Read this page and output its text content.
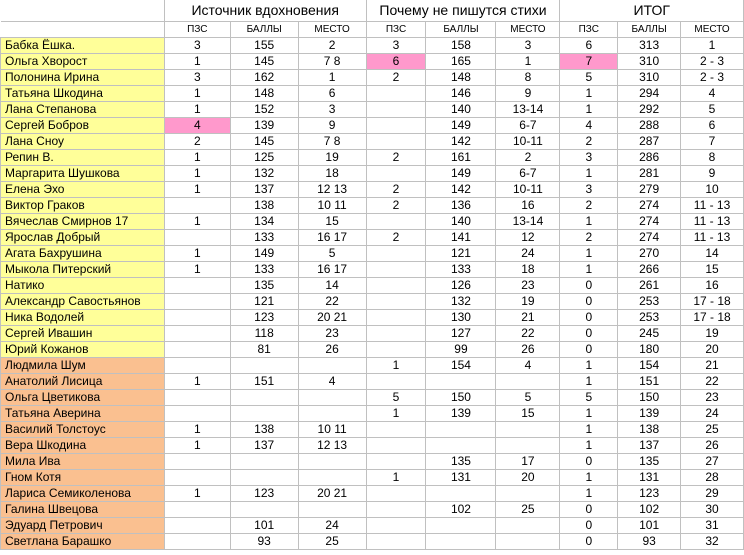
	Источник вдохновения			Почему не пишутся стихи			ИТОГ		
	ПЗС	БАЛЛЫ	МЕСТО	ПЗС	БАЛЛЫ	МЕСТО	ПЗС	БАЛЛЫ	МЕСТО
Бабка Ёшка.	3	155	2	3	158	3	6	313	1
Ольга Хворост	1	145	7 8	6	165	1	7	310	2 - 3
Полонина Ирина	3	162	1	2	148	8	5	310	2 - 3
Татьяна Шкодина	1	148	6		146	9	1	294	4
Лана Степанова	1	152	3		140	13-14	1	292	5
Сергей Бобров	4	139	9		149	6-7	4	288	6
Лана Сноу	2	145	7 8		142	10-11	2	287	7
Репин В.	1	125	19	2	161	2	3	286	8
Маргарита Шушкова	1	132	18		149	6-7	1	281	9
Елена Эхо	1	137	12 13	2	142	10-11	3	279	10
Виктор Граков		138	10 11	2	136	16	2	274	11 - 13
Вячеслав Смирнов 17	1	134	15		140	13-14	1	274	11 - 13
Ярослав Добрый		133	16 17	2	141	12	2	274	11 - 13
Агата Бахрушина	1	149	5		121	24	1	270	14
Мыкола Питерский	1	133	16 17		133	18	1	266	15
Натико		135	14		126	23	0	261	16
Александр Савостьянов		121	22		132	19	0	253	17 - 18
Ника Водолей		123	20 21		130	21	0	253	17 - 18
Сергей Ивашин		118	23		127	22	0	245	19
Юрий Кожанов		81	26		99	26	0	180	20
Людмила Шум				1	154	4	1	154	21
Анатолий Лисица	1	151	4				1	151	22
Ольга Цветикова				5	150	5	5	150	23
Татьяна Аверина				1	139	15	1	139	24
Василий Толстоус	1	138	10 11				1	138	25
Вера Шкодина	1	137	12 13				1	137	26
Мила Ива					135	17	0	135	27
Гном Котя				1	131	20	1	131	28
Лариса Семиколенова	1	123	20 21				1	123	29
Галина Швецова					102	25	0	102	30
Эдуард Петрович		101	24				0	101	31
Светлана Барашко		93	25				0	93	32
